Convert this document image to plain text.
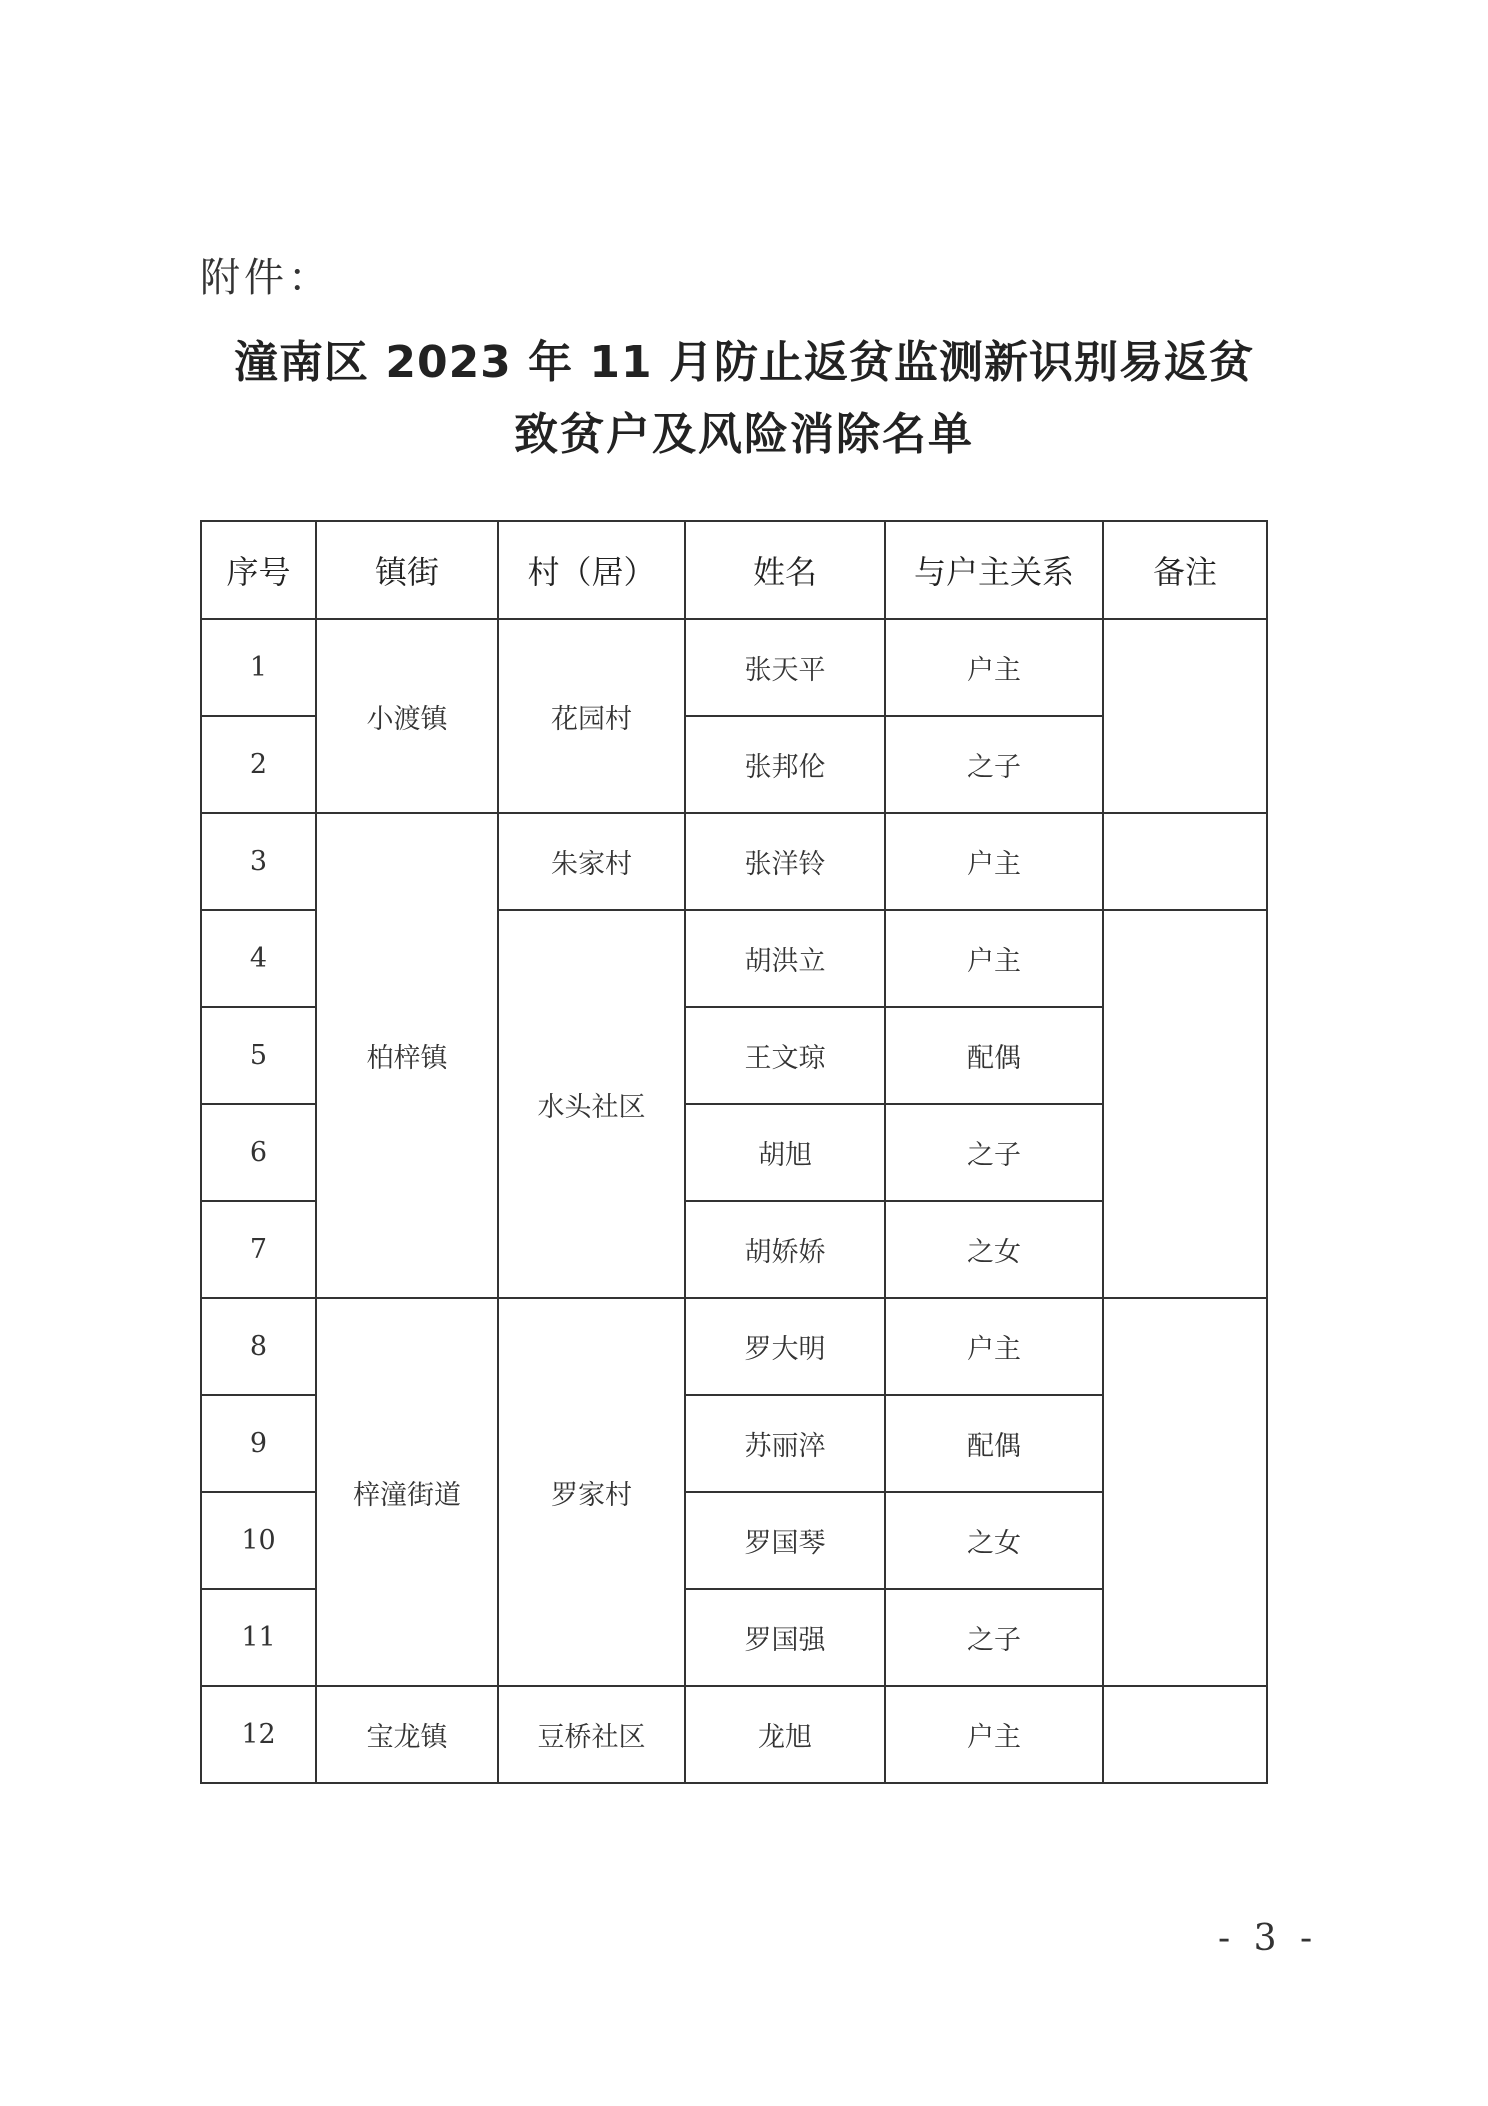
附件：
潼南区 2023 年 11 月防止返贫监测新识别易返贫
致贫户及风险消除名单
序号	镇街	村（居）	姓名	与户主关系	备注
1	小渡镇	花园村	张天平	户主	
2			张邦伦	之子	
3	柏梓镇	朱家村	张洋铃	户主	
4		水头社区	胡洪立	户主	
5			王文琼	配偶	
6			胡旭	之子	
7			胡娇娇	之女	
8	梓潼街道	罗家村	罗大明	户主	
9			苏丽淬	配偶	
10			罗国琴	之女	
11			罗国强	之子	
12	宝龙镇	豆桥社区	龙旭	户主	
- 3 -
